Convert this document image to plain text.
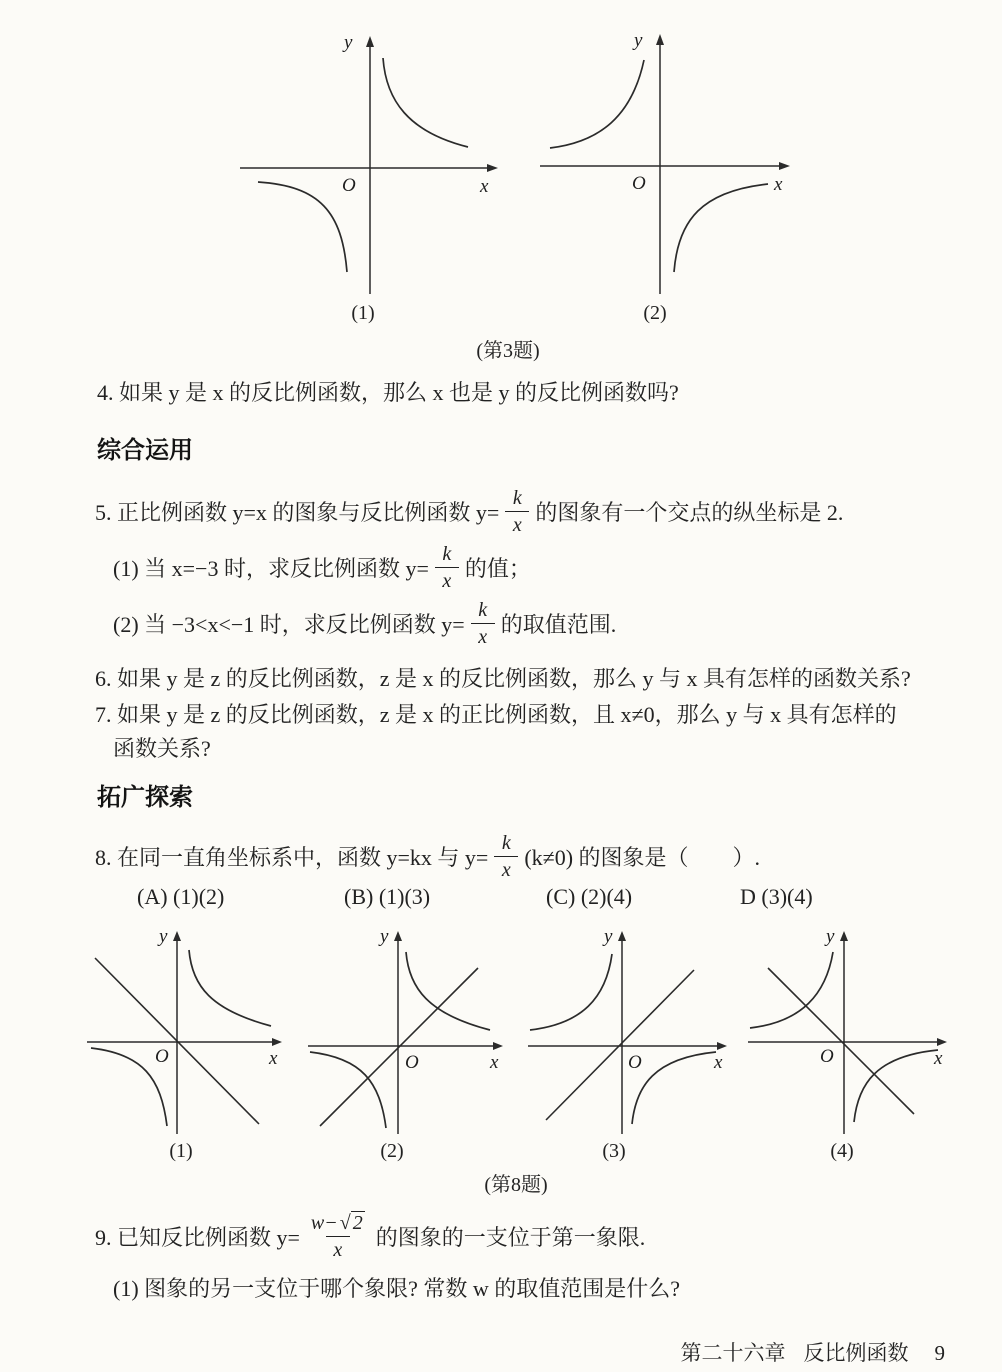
y
x
O
(1)
y
x
O
(2)
(第3题)
4. 如果 y 是 x 的反比例函数，那么 x 也是 y 的反比例函数吗?
综合运用
5. 正比例函数 y=x 的图象与反比例函数 $y= \frac{k}{x}$ 的图象有一个交点的纵坐标是 2.
(1) 当 x=−3 时，求反比例函数 $y= \frac{k}{x}$ 的值；
(2) 当 −3<x<−1 时，求反比例函数 $y= \frac{k}{x}$ 的取值范围.
6. 如果 y 是 z 的反比例函数，z 是 x 的反比例函数，那么 y 与 x 具有怎样的函数关系?
7. 如果 y 是 z 的反比例函数，z 是 x 的正比例函数，且 x≠0，那么 y 与 x 具有怎样的
函数关系?
拓广探索
8. 在同一直角坐标系中，函数 y=kx 与 $y= \frac{k}{x} (k\ne 0)$ 的图象是（　　）.
(A) (1)(2)	(B) (1)(3)	(C) (2)(4)	D (3)(4)
y
x
O
(1)
y
x
O
(2)
y
x
O
(3)
y
x
O
(4)
(第8题)
9. 已知反比例函数 $y= \frac{w- √ 2}{x}$ 的图象的一支位于第一象限.
(1) 图象的另一支位于哪个象限? 常数 w 的取值范围是什么?
第二十六章 反比例函数 9
